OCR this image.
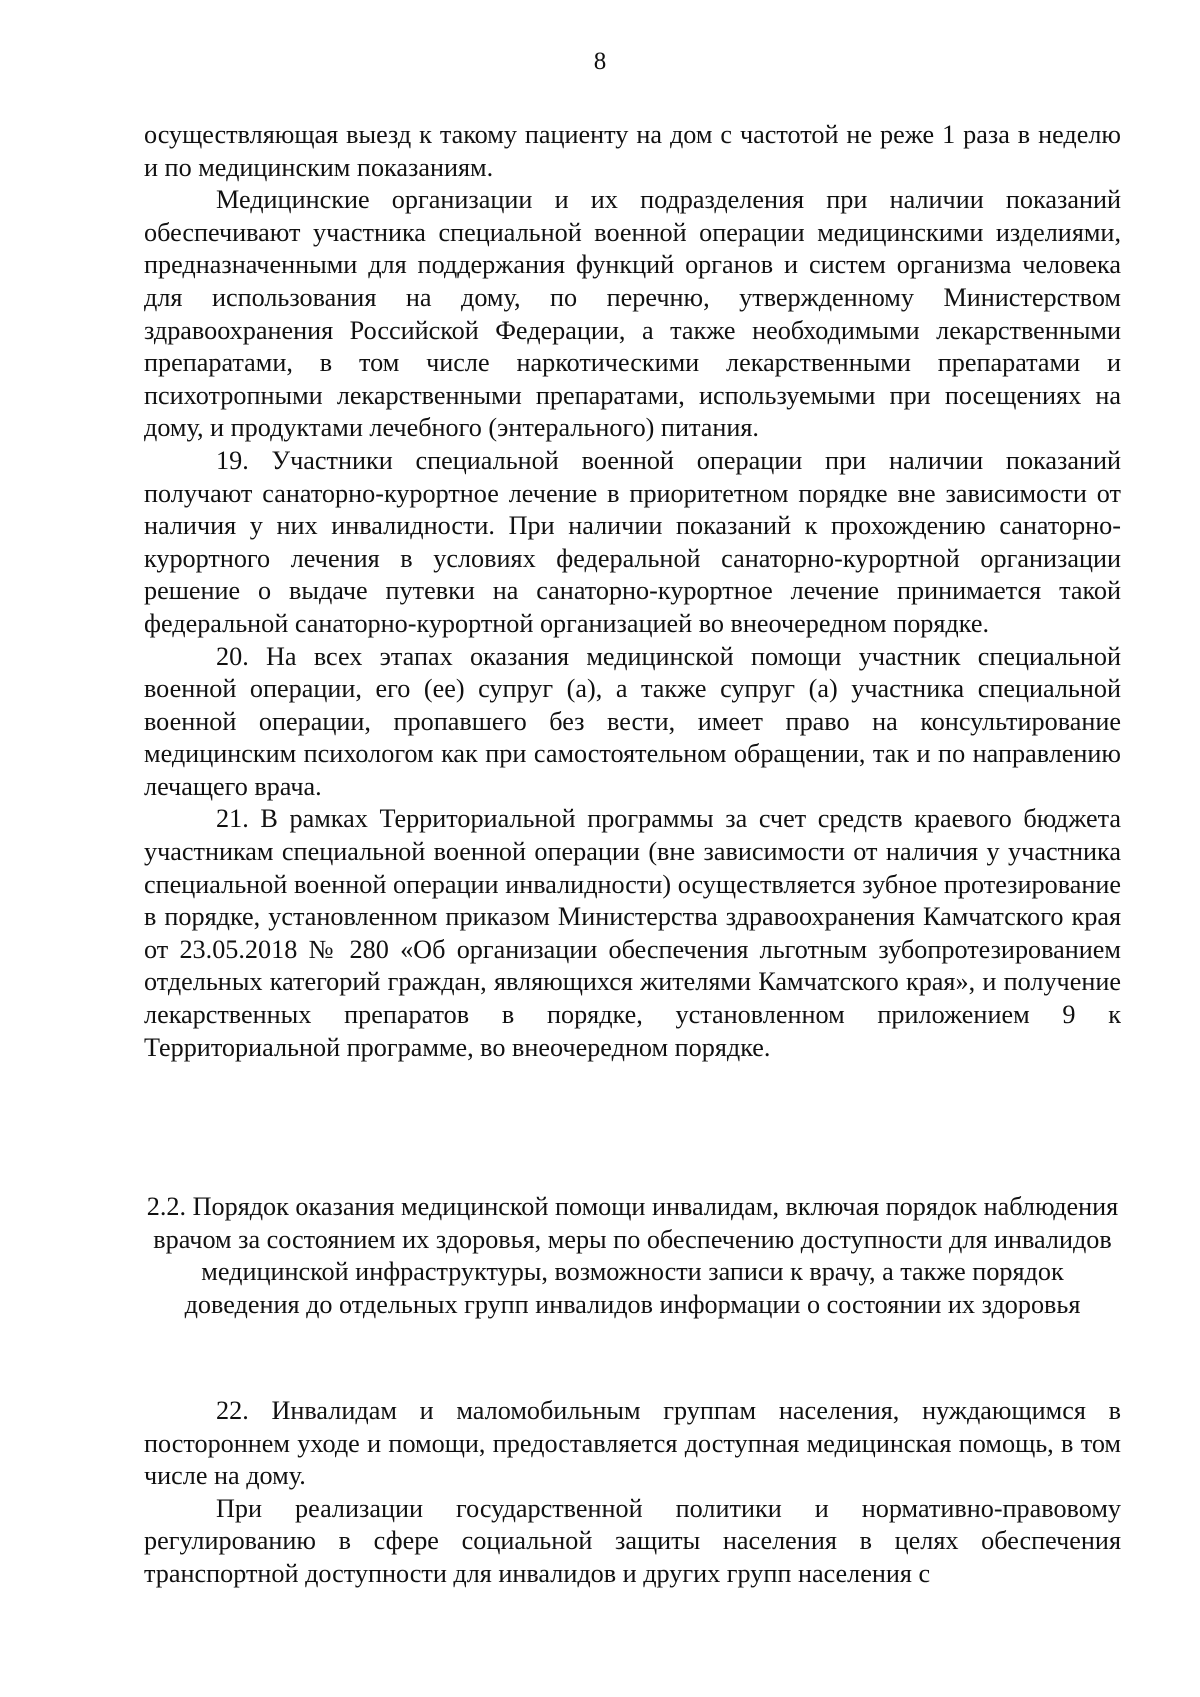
8

осуществляющая выезд к такому пациенту на дом с частотой не реже 1 раза в неделю и по медицинским показаниям.

Медицинские организации и их подразделения при наличии показаний обеспечивают участника специальной военной операции медицинскими изделиями, предназначенными для поддержания функций органов и систем организма человека для использования на дому, по перечню, утвержденному Министерством здравоохранения Российской Федерации, а также необходимыми лекарственными препаратами, в том числе наркотическими лекарственными препаратами и психотропными лекарственными препаратами, используемыми при посещениях на дому, и продуктами лечебного (энтерального) питания.

19. Участники специальной военной операции при наличии показаний получают санаторно-курортное лечение в приоритетном порядке вне зависимости от наличия у них инвалидности. При наличии показаний к прохождению санаторно-курортного лечения в условиях федеральной санаторно-курортной организации решение о выдаче путевки на санаторно-курортное лечение принимается такой федеральной санаторно-курортной организацией во внеочередном порядке.

20. На всех этапах оказания медицинской помощи участник специальной военной операции, его (ее) супруг (а), а также супруг (а) участника специальной военной операции, пропавшего без вести, имеет право на консультирование медицинским психологом как при самостоятельном обращении, так и по направлению лечащего врача.

21. В рамках Территориальной программы за счет средств краевого бюджета участникам специальной военной операции (вне зависимости от наличия у участника специальной военной операции инвалидности) осуществляется зубное протезирование в порядке, установленном приказом Министерства здравоохранения Камчатского края от 23.05.2018 № 280 «Об организации обеспечения льготным зубопротезированием отдельных категорий граждан, являющихся жителями Камчатского края», и получение лекарственных препаратов в порядке, установленном приложением 9 к Территориальной программе, во внеочередном порядке.

2.2. Порядок оказания медицинской помощи инвалидам, включая порядок наблюдения врачом за состоянием их здоровья, меры по обеспечению доступности для инвалидов медицинской инфраструктуры, возможности записи к врачу, а также порядок доведения до отдельных групп инвалидов информации о состоянии их здоровья

22. Инвалидам и маломобильным группам населения, нуждающимся в постороннем уходе и помощи, предоставляется доступная медицинская помощь, в том числе на дому.

При реализации государственной политики и нормативно-правовому регулированию в сфере социальной защиты населения в целях обеспечения транспортной доступности для инвалидов и других групп населения с
